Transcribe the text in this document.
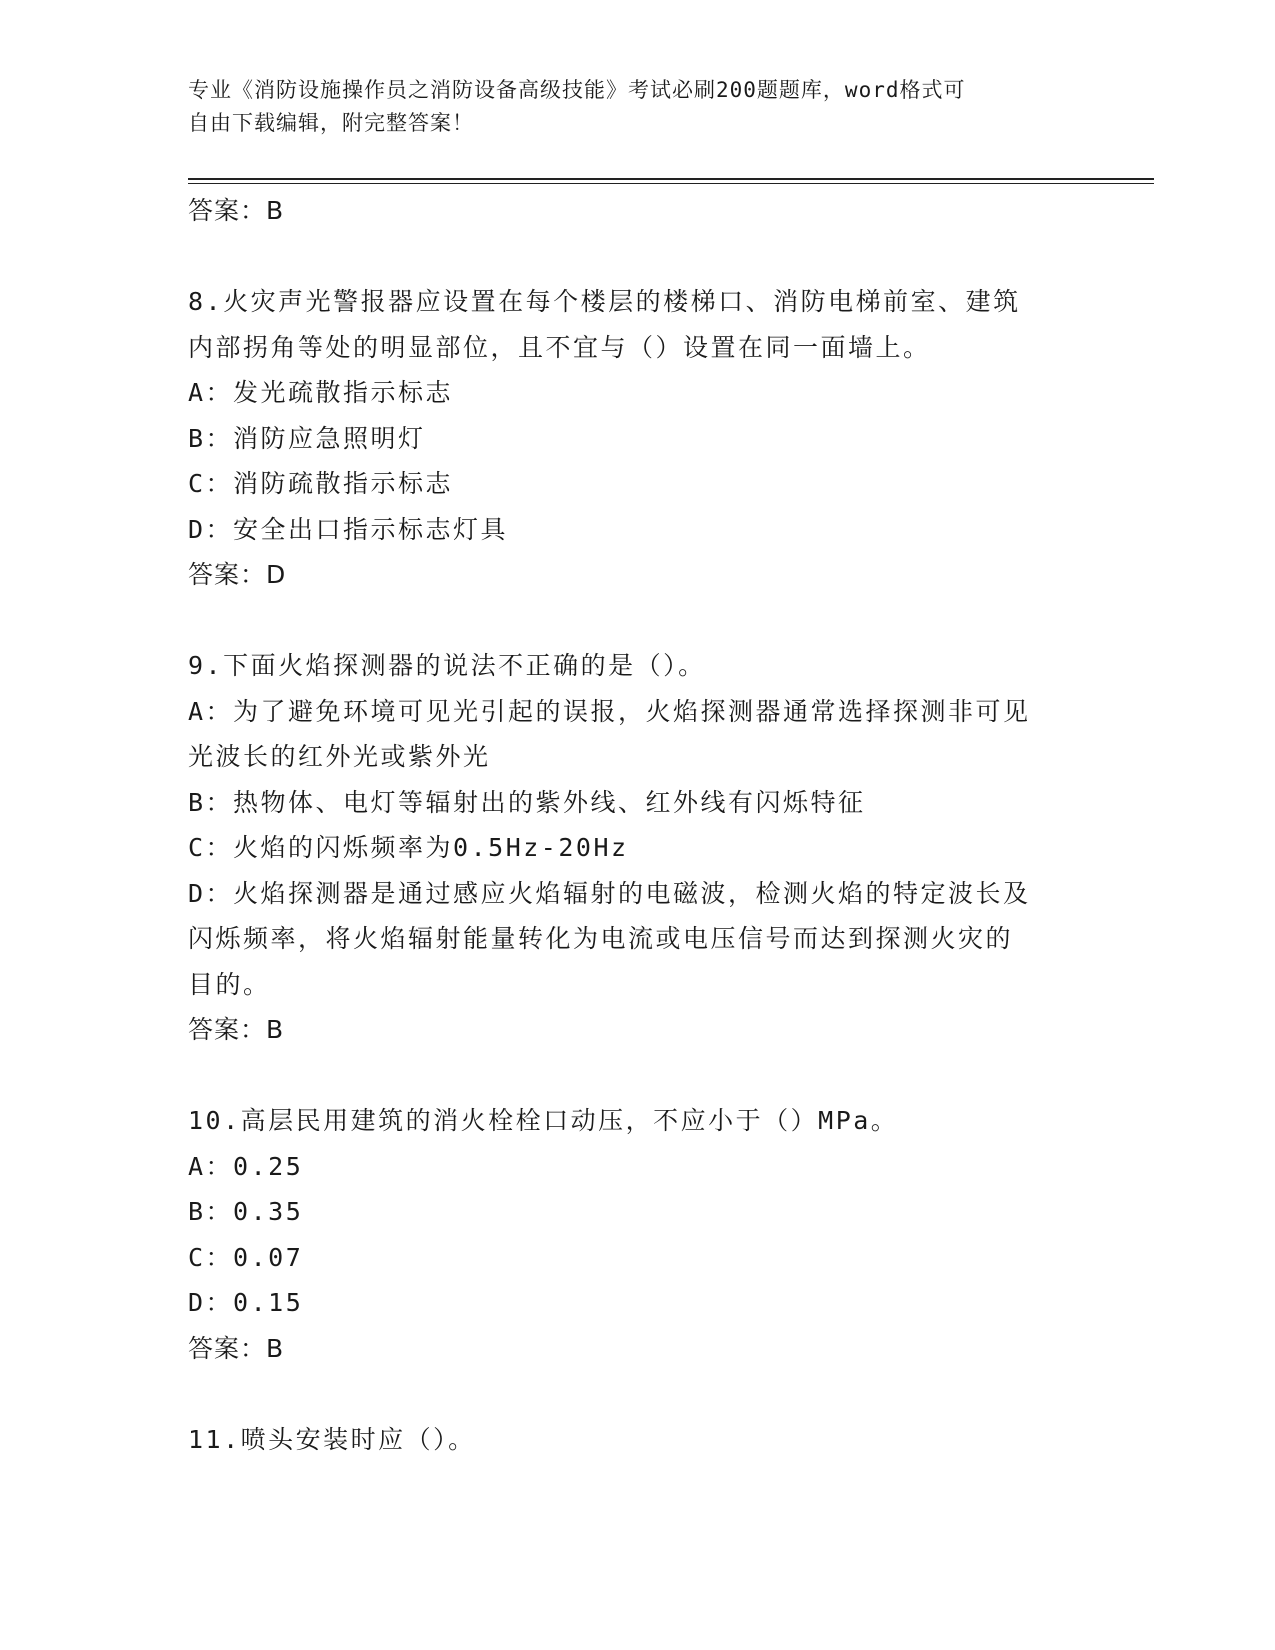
专业《消防设施操作员之消防设备高级技能》考试必刷200题题库，word格式可
自由下载编辑，附完整答案！
答案：B
8.火灾声光警报器应设置在每个楼层的楼梯口、消防电梯前室、建筑
内部拐角等处的明显部位，且不宜与（）设置在同一面墙上。
A：发光疏散指示标志
B：消防应急照明灯
C：消防疏散指示标志
D：安全出口指示标志灯具
答案：D
9.下面火焰探测器的说法不正确的是（）。
A：为了避免环境可见光引起的误报，火焰探测器通常选择探测非可见
光波长的红外光或紫外光
B：热物体、电灯等辐射出的紫外线、红外线有闪烁特征
C：火焰的闪烁频率为0.5Hz-20Hz
D：火焰探测器是通过感应火焰辐射的电磁波，检测火焰的特定波长及
闪烁频率，将火焰辐射能量转化为电流或电压信号而达到探测火灾的
目的。
答案：B
10.高层民用建筑的消火栓栓口动压，不应小于（）MPa。
A：0.25
B：0.35
C：0.07
D：0.15
答案：B
11.喷头安装时应（）。
